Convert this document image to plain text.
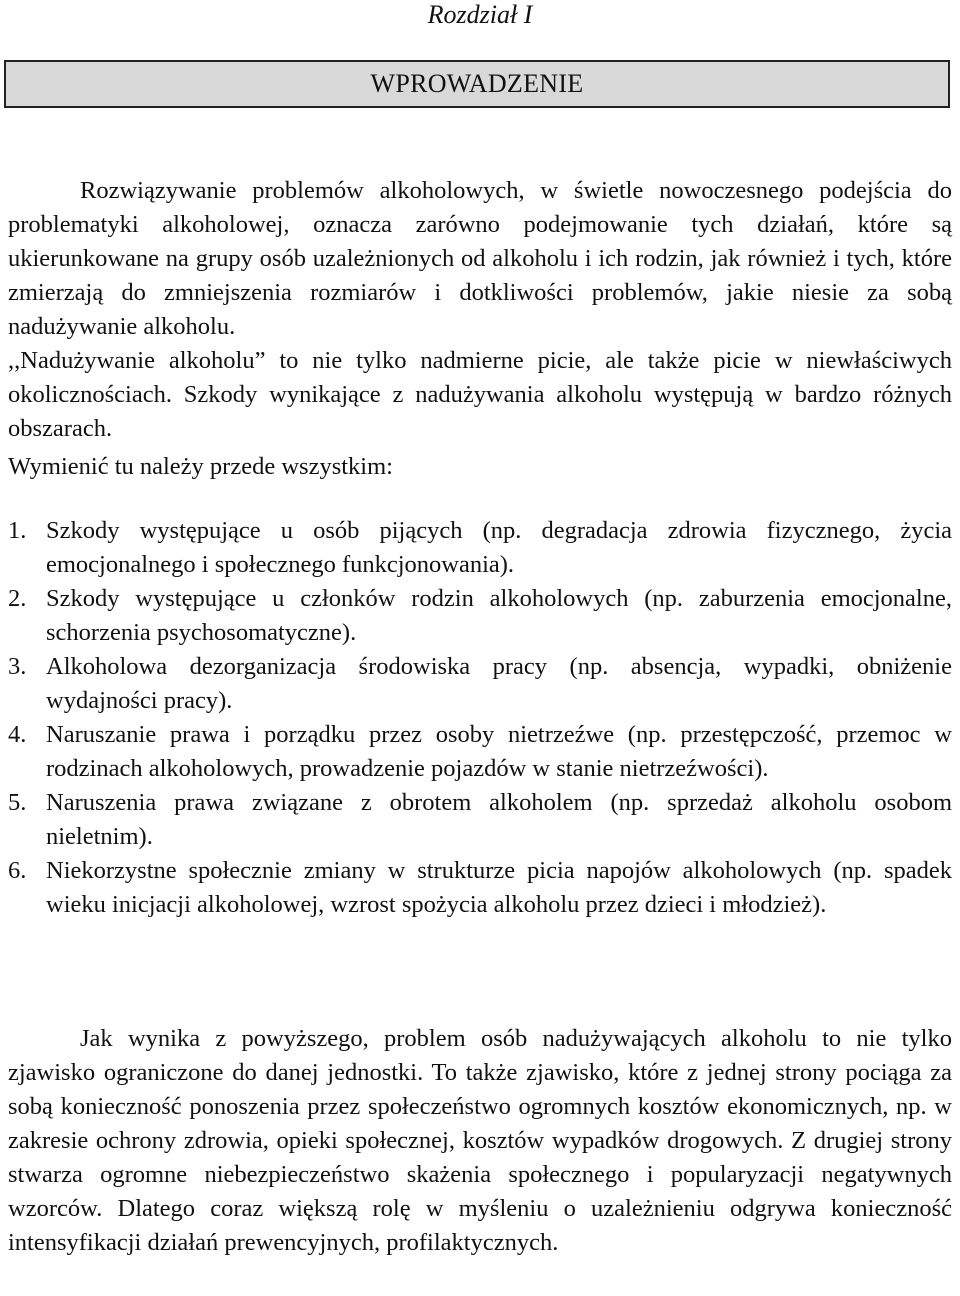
Rozdział I
WPROWADZENIE

Rozwiązywanie problemów alkoholowych, w świetle nowoczesnego podejścia do problematyki alkoholowej, oznacza zarówno podejmowanie tych działań, które są ukierunkowane na grupy osób uzależnionych od alkoholu i ich rodzin, jak również i tych, które zmierzają do zmniejszenia rozmiarów i dotkliwości problemów, jakie niesie za sobą nadużywanie alkoholu.

,,Nadużywanie alkoholu” to nie tylko nadmierne picie, ale także picie w niewłaściwych okolicznościach. Szkody wynikające z nadużywania alkoholu występują w bardzo różnych obszarach.

Wymienić tu należy przede wszystkim:

1. Szkody występujące u osób pijących (np. degradacja zdrowia fizycznego, życia emocjonalnego i społecznego funkcjonowania).
2. Szkody występujące u członków rodzin alkoholowych (np. zaburzenia emocjonalne, schorzenia psychosomatyczne).
3. Alkoholowa dezorganizacja środowiska pracy (np. absencja, wypadki, obniżenie wydajności pracy).
4. Naruszanie prawa i porządku przez osoby nietrzeźwe (np. przestępczość, przemoc w rodzinach alkoholowych, prowadzenie pojazdów w stanie nietrzeźwości).
5. Naruszenia prawa związane z obrotem alkoholem (np. sprzedaż alkoholu osobom nieletnim).
6. Niekorzystne społecznie zmiany w strukturze picia napojów alkoholowych (np. spadek wieku inicjacji alkoholowej, wzrost spożycia alkoholu przez dzieci i młodzież).

Jak wynika z powyższego, problem osób nadużywających alkoholu to nie tylko zjawisko ograniczone do danej jednostki. To także zjawisko, które z jednej strony pociąga za sobą konieczność ponoszenia przez społeczeństwo ogromnych kosztów ekonomicznych, np. w zakresie ochrony zdrowia, opieki społecznej, kosztów wypadków drogowych. Z drugiej strony stwarza ogromne niebezpieczeństwo skażenia społecznego i popularyzacji negatywnych wzorców. Dlatego coraz większą rolę w myśleniu o uzależnieniu odgrywa konieczność intensyfikacji działań prewencyjnych, profilaktycznych.
